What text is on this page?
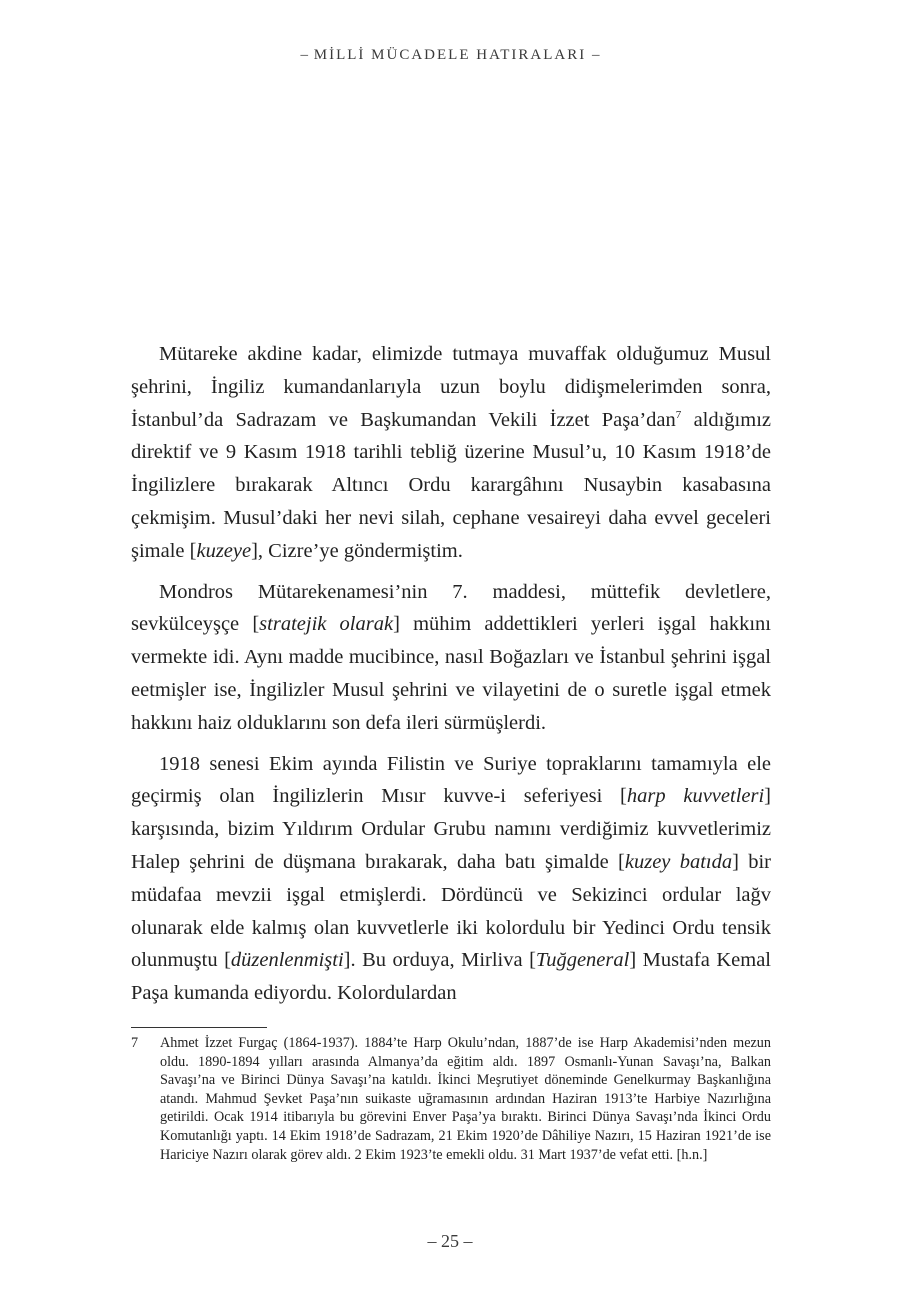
– MİLLİ MÜCADELE HATIRALARI –

Mütareke akdine kadar, elimizde tutmaya muvaffak olduğumuz Musul şehrini, İngiliz kumandanlarıyla uzun boylu didişmelerimden sonra, İstanbul’da Sadrazam ve Başkumandan Vekili İzzet Paşa’dan$^7$ aldığımız direktif ve 9 Kasım 1918 tarihli tebliğ üzerine Musul’u, 10 Kasım 1918’de İngilizlere bırakarak Altıncı Ordu karargâhını Nusaybin kasabasına çekmişim. Musul’daki her nevi silah, cephane vesaireyi daha evvel geceleri şimale [kuzeye], Cizre’ye göndermiştim.

Mondros Mütarekenamesi’nin 7. maddesi, müttefik devletlere, sevkülceyşçe [stratejik olarak] mühim addettikleri yerleri işgal hakkını vermekte idi. Aynı madde mucibince, nasıl Boğazları ve İstanbul şehrini işgal eetmişler ise, İngilizler Musul şehrini ve vilayetini de o suretle işgal etmek hakkını haiz olduklarını son defa ileri sürmüşlerdi.

1918 senesi Ekim ayında Filistin ve Suriye topraklarını tamamıyla ele geçirmiş olan İngilizlerin Mısır kuvve-i seferiyesi [harp kuvvetleri] karşısında, bizim Yıldırım Ordular Grubu namını verdiğimiz kuvvetlerimiz Halep şehrini de düşmana bırakarak, daha batı şimalde [kuzey batıda] bir müdafaa mevzii işgal etmişlerdi. Dördüncü ve Sekizinci ordular lağv olunarak elde kalmış olan kuvvetlerle iki kolordulu bir Yedinci Ordu tensik olunmuştu [düzenlenmişti]. Bu orduya, Mirliva [Tuğgeneral] Mustafa Kemal Paşa kumanda ediyordu. Kolordulardan

7 Ahmet İzzet Furgaç (1864-1937). 1884’te Harp Okulu’ndan, 1887’de ise Harp Akademisi’nden mezun oldu. 1890-1894 yılları arasında Almanya’da eğitim aldı. 1897 Osmanlı-Yunan Savaşı’na, Balkan Savaşı’na ve Birinci Dünya Savaşı’na katıldı. İkinci Meşrutiyet döneminde Genelkurmay Başkanlığına atandı. Mahmud Şevket Paşa’nın suikaste uğramasının ardından Haziran 1913’te Harbiye Nazırlığına getirildi. Ocak 1914 itibarıyla bu görevini Enver Paşa’ya bıraktı. Birinci Dünya Savaşı’nda İkinci Ordu Komutanlığı yaptı. 14 Ekim 1918’de Sadrazam, 21 Ekim 1920’de Dâhiliye Nazırı, 15 Haziran 1921’de ise Hariciye Nazırı olarak görev aldı. 2 Ekim 1923’te emekli oldu. 31 Mart 1937’de vefat etti. [h.n.]
– 25 –
